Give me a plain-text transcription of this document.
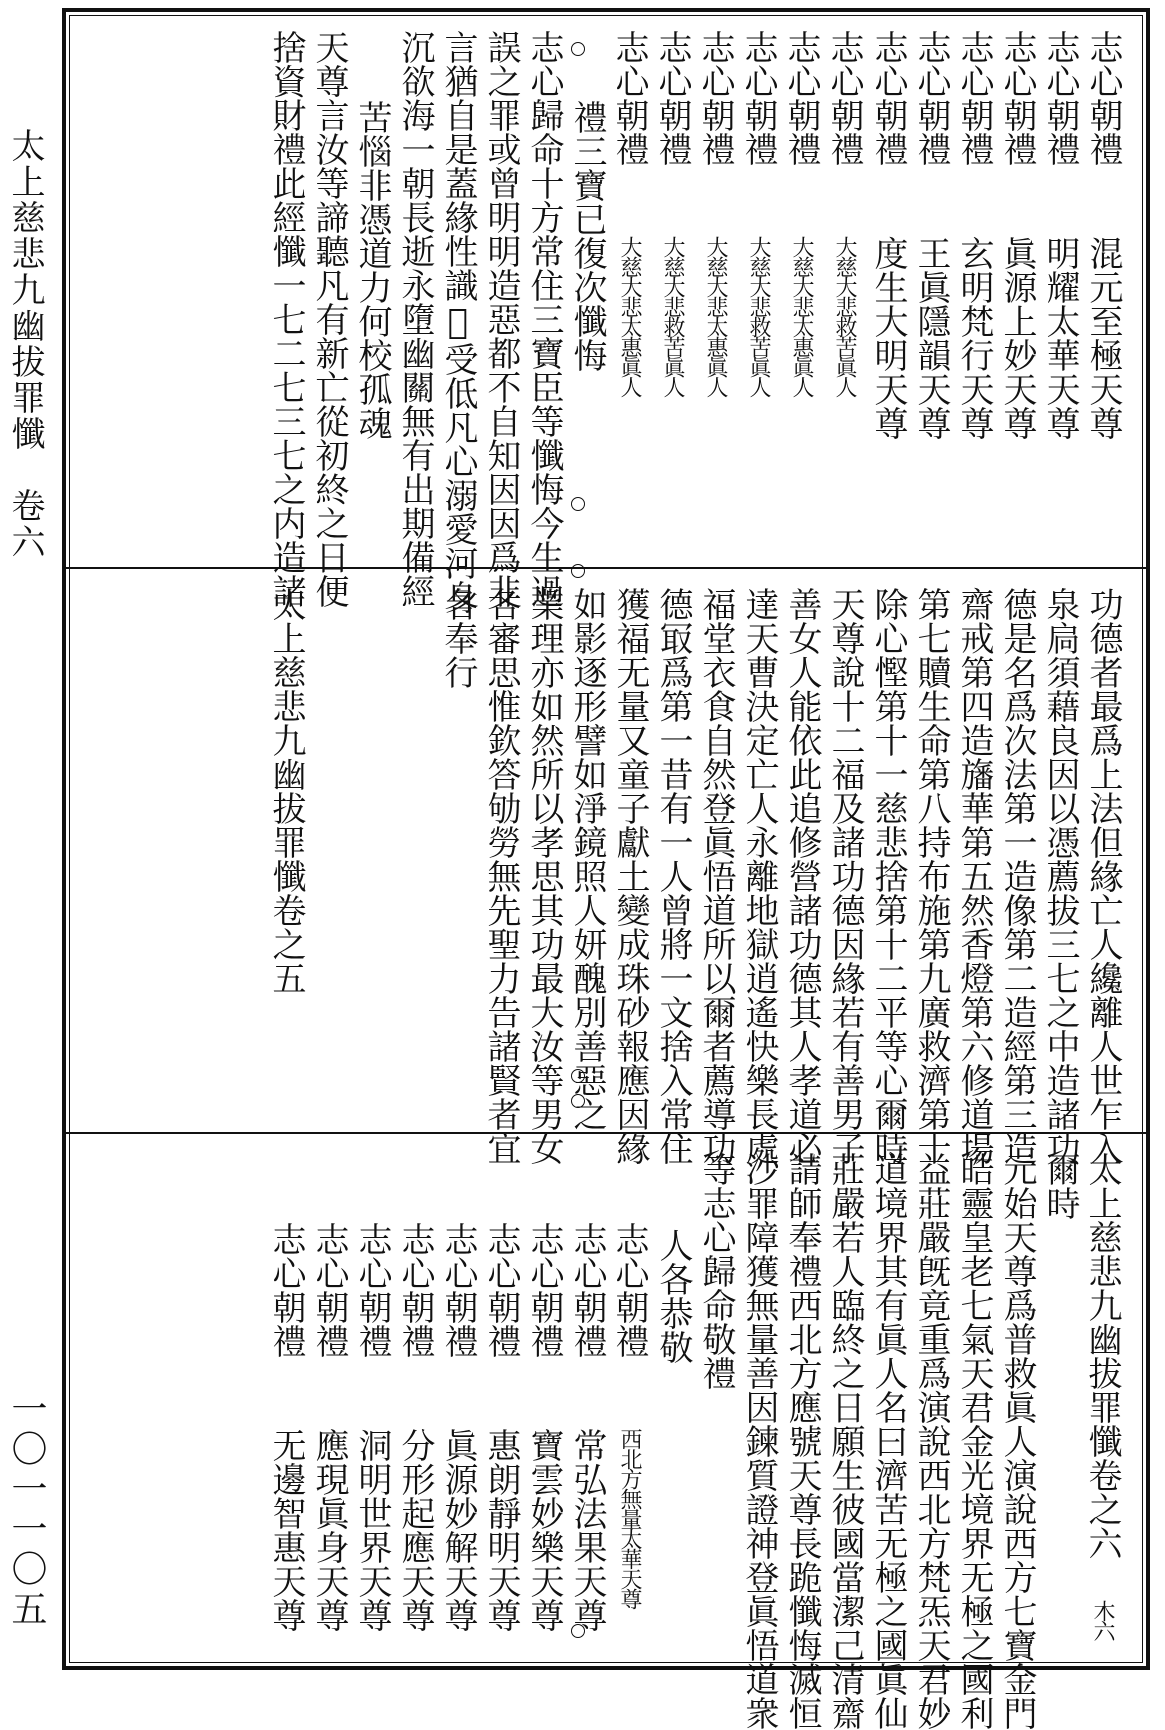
太上慈悲九幽拔罪懺　卷六
一〇一一〇五
志心朝禮混元至極天尊
志心朝禮明耀太華天尊
志心朝禮眞源上妙天尊
志心朝禮玄明梵行天尊
志心朝禮王眞隱韻天尊
志心朝禮度生大明天尊
志心朝禮大慈大悲救苦眞人
志心朝禮大慈大悲太惠眞人
志心朝禮大慈大悲救苦眞人
志心朝禮大慈大悲太惠眞人
志心朝禮大慈大悲救苦眞人
志心朝禮大慈大悲太惠眞人
禮三寶已復次懺悔
志心歸命十方常住三寶臣等懺悔今生過
誤之罪或曾明明造惡都不自知因因爲非
言猶自是蓋緣性識𥨸受低凡心溺愛河身
沉欲海一朝長逝永墮幽關無有出期備經
苦惱非憑道力何校孤魂
天尊言汝等諦聽凡有新亡從初終之日便
捨資財禮此經懺一七二七三七之内造諸
功德者最爲上法但緣亡人纔離人世乍入
泉扃須藉良因以憑薦拔三七之中造諸功
德是名爲次法第一造像第二造經第三造
齋戒第四造旛華第五然香燈第六修道場
第七贖生命第八持布施第九廣救濟第十
除心慳第十一慈悲捨第十二平等心爾時
天尊說十二福及諸功德因緣若有善男子
善女人能依此追修營諸功德其人孝道必
達天曹決定亡人永離地獄逍遙快樂長處
福堂衣食自然登眞悟道所以爾者薦導功
德冣爲第一昔有一人曾將一文捨入常住
獲福无量又童子獻土變成珠砂報應因緣
如影逐形譬如淨鏡照人妍醜別善惡之
業理亦如然所以孝思其功最大汝等男女
各審思惟欽答劬勞無先聖力告諸賢者宜
各奉行
太上慈悲九幽拔罪懺卷之五
太上慈悲九幽拔罪懺卷之六木六
爾時
元始天尊爲普救眞人演說西方七寶金門
皓靈皇老七氣天君金光境界无極之國利
益莊嚴旣竟重爲演說西北方梵炁天君妙
道境界其有眞人名曰濟苦无極之國眞仙
莊嚴若人臨終之日願生彼國當潔己清齋
請師奉禮西北方應號天尊長跪懺悔滅恒
沙罪障獲無量善因鍊質證神登眞悟道衆
等志心歸命敬禮
人各恭敬
志心朝禮西北方無量太華天尊
志心朝禮常弘法果天尊
志心朝禮寶雲妙樂天尊
志心朝禮惠朗靜明天尊
志心朝禮眞源妙解天尊
志心朝禮分形起應天尊
志心朝禮洞明世界天尊
志心朝禮應現眞身天尊
志心朝禮无邊智惠天尊
